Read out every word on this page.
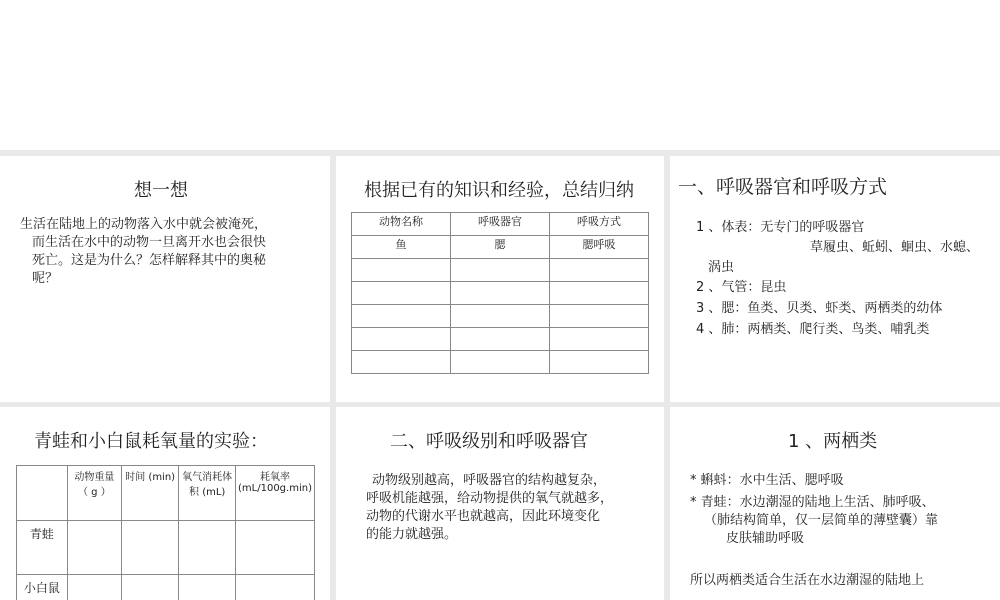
想一想
生活在陆地上的动物落入水中就会被淹死，
而生活在水中的动物一旦离开水也会很快
死亡。这是为什么？怎样解释其中的奥秘
呢？
根据已有的知识和经验，总结归纳
动物名称	呼吸器官	呼吸方式
鱼	腮	腮呼吸

一、呼吸器官和呼吸方式
1 、体表：无专门的呼吸器官
草履虫、蚯蚓、蛔虫、水螅、
涡虫
2 、气管：昆虫
3 、腮：鱼类、贝类、虾类、两栖类的幼体
4 、肺：两栖类、爬行类、鸟类、哺乳类
青蛙和小白鼠耗氧量的实验：
	动物重量（ g ）	时间 (min)	氧气消耗体积 (mL)	耗氧率 (mL/100g.min)
青蛙				
小白鼠				
二、呼吸级别和呼吸器官
动物级别越高，呼吸器官的结构越复杂，
呼吸机能越强，给动物提供的氧气就越多，
动物的代谢水平也就越高，因此环境变化
的能力就越强。
1 、两栖类
* 蝌蚪：水中生活、腮呼吸
* 青蛙：水边潮湿的陆地上生活、肺呼吸、
（肺结构简单，仅一层简单的薄壁囊）靠
皮肤辅助呼吸
所以两栖类适合生活在水边潮湿的陆地上
